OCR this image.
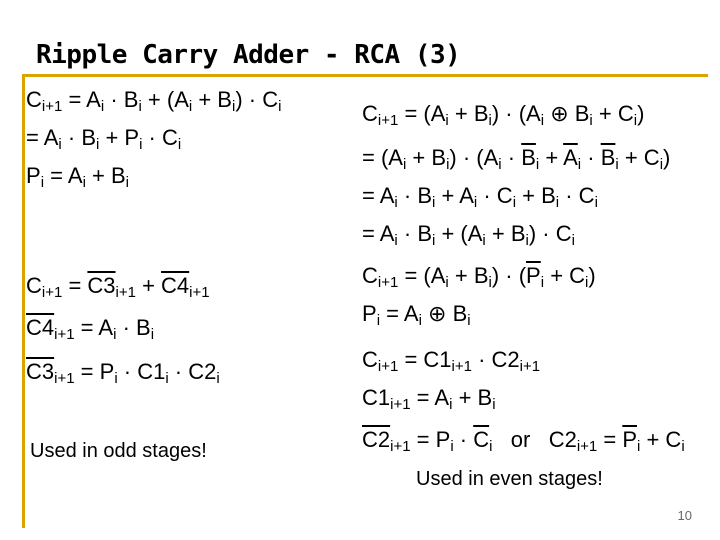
Ripple Carry Adder - RCA (3)
$C_{i+1} = A_i \cdot B_i + (A_i + B_i) \cdot C_i$
= $A_i \cdot B_i + P_i \cdot C_i$
$P_i = A_i + B_i$
$C_{i+1} = C3_{i+1} + C4_{i+1}$
$C4_{i+1} = A_i \cdot B_i$
$C3_{i+1} = P_i \cdot C1_i \cdot C2_i$
Used in odd stages!
$C_{i+1} = (A_i + B_i) \cdot (A_i$ ⊕ $B_i + C_i$)
= $(A_i + B_i) \cdot (A_i \cdot \overline{B}_i + \overline{A}_i \cdot \overline{B}_i + C_i)$
= $A_i \cdot B_i + A_i \cdot C_i + B_i \cdot C_i$
= $A_i \cdot B_i + (A_i + B_i) \cdot C_i$
$C_{i+1} = (A_i + B_i) \cdot (\overline{P}_i + C_i)$
$P_i = A_i$ ⊕ $B_i$
$C_{i+1} = C1_{i+1} \cdot C2_{i+1}$
$C1_{i+1} = A_i + B_i$
$C2_{i+1} = P_i \cdot \overline{C}_i$   or   $C2_{i+1} = \overline{P}_i + C_i$
Used in even stages!
10
